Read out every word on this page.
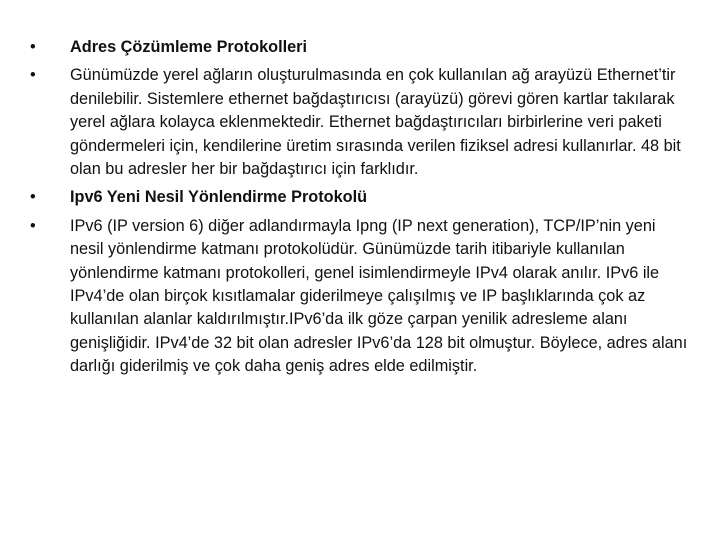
•	Adres Çözümleme Protokolleri
•	Günümüzde yerel ağların oluşturulmasında en çok kullanılan ağ arayüzü Ethernet’tir denilebilir. Sistemlere ethernet bağdaştırıcısı (arayüzü) görevi gören kartlar takılarak yerel ağlara kolayca eklenmektedir. Ethernet bağdaştırıcıları birbirlerine veri paketi göndermeleri için, kendilerine üretim sırasında verilen fiziksel adresi kullanırlar. 48 bit olan bu adresler her bir bağdaştırıcı için farklıdır.
•	Ipv6 Yeni Nesil Yönlendirme Protokolü
•	IPv6 (IP version 6) diğer adlandırmayla Ipng (IP next generation), TCP/IP’nin yeni nesil yönlendirme katmanı protokolüdür. Günümüzde tarih itibariyle kullanılan yönlendirme katmanı protokolleri, genel isimlendirmeyle IPv4 olarak anılır. IPv6 ile IPv4’de olan birçok kısıtlamalar giderilmeye çalışılmış ve IP başlıklarında çok az kullanılan alanlar kaldırılmıştır.IPv6’da ilk göze çarpan yenilik adresleme alanı genişliğidir. IPv4’de 32 bit olan adresler IPv6’da 128 bit olmuştur. Böylece, adres alanı darlığı giderilmiş ve çok daha geniş adres elde edilmiştir.
